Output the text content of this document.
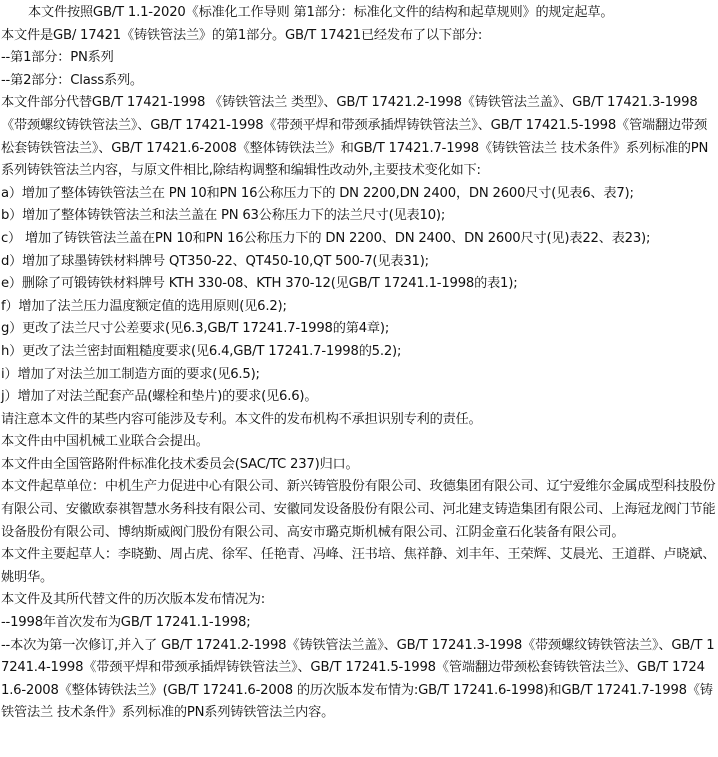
本文件按照GB/T 1.1-2020《标准化工作导则 第1部分：标准化文件的结构和起草规则》的规定起草。

本文件是GB/ 17421《铸铁管法兰》的第1部分。GB/T 17421已经发布了以下部分:

--第1部分：PN系列

--第2部分：Class系列。

本文件部分代替GB/T 17421-1998 《铸铁管法兰 类型》、GB/T 17421.2-1998《铸铁管法兰盖》、GB/T 17421.3-1998《带颈螺纹铸铁管法兰》、GB/T 17421-1998《带颈平焊和带颈承插焊铸铁管法兰》、GB/T 17421.5-1998《管端翻边带颈松套铸铁管法兰》、GB/T 17421.6-2008《整体铸铁法兰》和GB/T 17421.7-1998《铸铁管法兰 技术条件》系列标准的PN系列铸铁管法兰内容，与原文件相比,除结构调整和编辑性改动外,主要技术变化如下:

a）增加了整体铸铁管法兰在 PN 10和PN 16公称压力下的 DN 2200,DN 2400，DN 2600尺寸(见表6、表7);

b）增加了整体铸铁管法兰和法兰盖在 PN 63公称压力下的法兰尺寸(见表10);

c） 增加了铸铁管法兰盖在PN 10和PN 16公称压力下的 DN 2200、DN 2400、DN 2600尺寸(见)表22、表23);

d）增加了球墨铸铁材料牌号 QT350-22、QT450-10,QT 500-7(见表31);

e）删除了可锻铸铁材料牌号 KTH 330-08、KTH 370-12(见GB/T 17241.1-1998的表1);

f）增加了法兰压力温度额定值的选用原则(见6.2);

g）更改了法兰尺寸公差要求(见6.3,GB/T 17241.7-1998的第4章);

h）更改了法兰密封面粗糙度要求(见6.4,GB/T 17241.7-1998的5.2);

i）增加了对法兰加工制造方面的要求(见6.5);

j）增加了对法兰配套产品(螺栓和垫片)的要求(见6.6)。

请注意本文件的某些内容可能涉及专利。本文件的发布机构不承担识别专利的责任。

本文件由中国机械工业联合会提出。

本文件由全国管路附件标准化技术委员会(SAC/TC 237)归口。

本文件起草单位：中机生产力促进中心有限公司、新兴铸管股份有限公司、玫德集团有限公司、辽宁爱维尔金属成型科技股份有限公司、安徽欧泰祺智慧水务科技有限公司、安徽同发设备股份有限公司、河北建支铸造集团有限公司、上海冠龙阀门节能设备股份有限公司、博纳斯威阀门股份有限公司、高安市璐克斯机械有限公司、江阴金童石化装备有限公司。

本文件主要起草人：李晓勤、周占虎、徐军、任艳青、冯峰、汪书培、焦祥静、刘丰年、王荣辉、艾晨光、王道群、卢晓斌、姚明华。

本文件及其所代替文件的历次版本发布情况为:

--1998年首次发布为GB/T 17241.1-1998;

--本次为第一次修订,并入了 GB/T 17241.2-1998《铸铁管法兰盖》、GB/T 17241.3-1998《带颈螺纹铸铁管法兰》、GB/T 17241.4-1998《带颈平焊和带颈承插焊铸铁管法兰》、GB/T 17241.5-1998《管端翻边带颈松套铸铁管法兰》、GB/T 17241.6-2008《整体铸铁法兰》(GB/T 17241.6-2008 的历次版本发布情为:GB/T 17241.6-1998)和GB/T 17241.7-1998《铸铁管法兰 技术条件》系列标准的PN系列铸铁管法兰内容。
